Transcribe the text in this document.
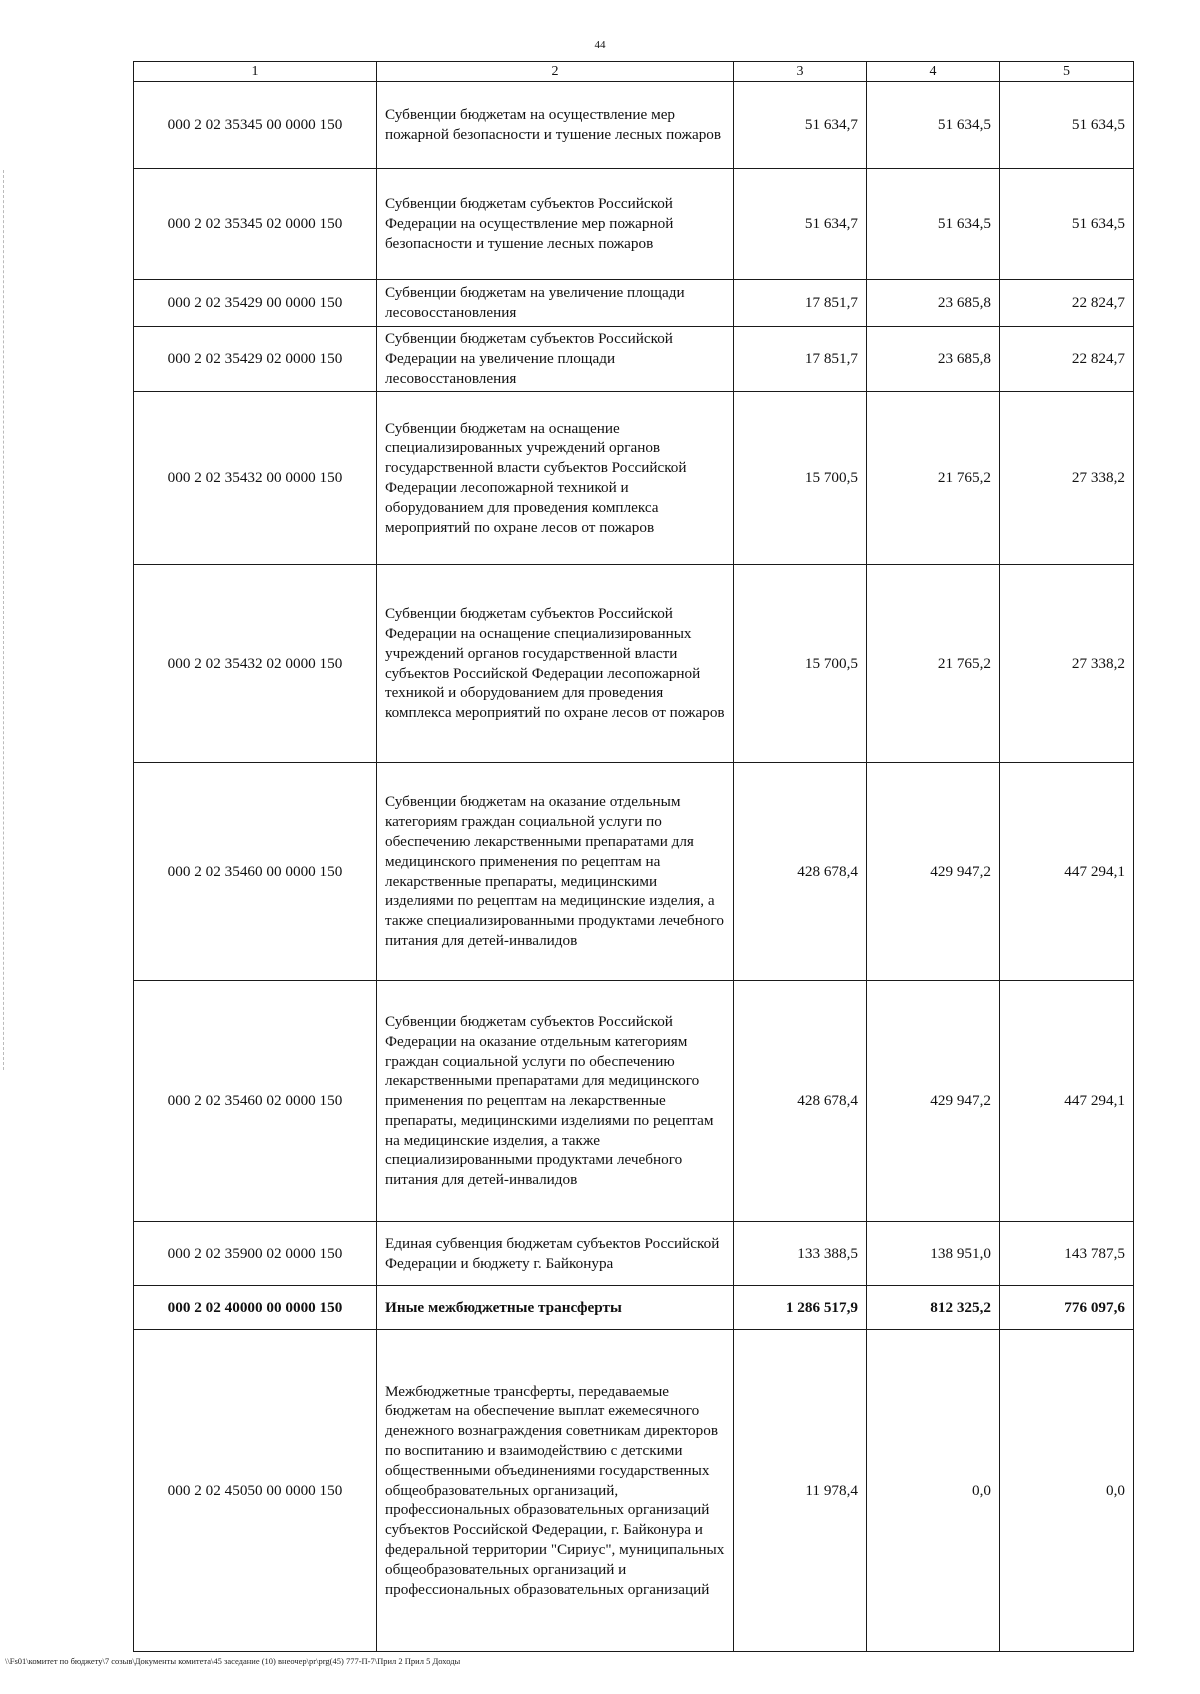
44
1	2	3	4	5
000 2 02 35345 00 0000 150	Субвенции бюджетам на осуществление мер пожарной безопасности и тушение лесных пожаров	51 634,7	51 634,5	51 634,5
000 2 02 35345 02 0000 150	Субвенции бюджетам субъектов Российской Федерации на осуществление мер пожарной безопасности и тушение лесных пожаров	51 634,7	51 634,5	51 634,5
000 2 02 35429 00 0000 150	Субвенции бюджетам на увеличение площади лесовосстановления	17 851,7	23 685,8	22 824,7
000 2 02 35429 02 0000 150	Субвенции бюджетам субъектов Российской Федерации на увеличение площади лесовосстановления	17 851,7	23 685,8	22 824,7
000 2 02 35432 00 0000 150	Субвенции бюджетам на оснащение специализированных учреждений органов государственной власти субъектов Российской Федерации лесопожарной техникой и оборудованием для проведения комплекса мероприятий по охране лесов от пожаров	15 700,5	21 765,2	27 338,2
000 2 02 35432 02 0000 150	Субвенции бюджетам субъектов Российской Федерации на оснащение специализированных учреждений органов государственной власти субъектов Российской Федерации лесопожарной техникой и оборудованием для проведения комплекса мероприятий по охране лесов от пожаров	15 700,5	21 765,2	27 338,2
000 2 02 35460 00 0000 150	Субвенции бюджетам на оказание отдельным категориям граждан социальной услуги по обеспечению лекарственными препаратами для медицинского применения по рецептам на лекарственные препараты, медицинскими изделиями по рецептам на медицинские изделия, а также специализированными продуктами лечебного питания для детей-инвалидов	428 678,4	429 947,2	447 294,1
000 2 02 35460 02 0000 150	Субвенции бюджетам субъектов Российской Федерации на оказание отдельным категориям граждан социальной услуги по обеспечению лекарственными препаратами для медицинского применения по рецептам на лекарственные препараты, медицинскими изделиями по рецептам на медицинские изделия, а также специализированными продуктами лечебного питания для детей-инвалидов	428 678,4	429 947,2	447 294,1
000 2 02 35900 02 0000 150	Единая субвенция бюджетам субъектов Российской Федерации и бюджету г. Байконура	133 388,5	138 951,0	143 787,5
000 2 02 40000 00 0000 150	Иные межбюджетные трансферты	1 286 517,9	812 325,2	776 097,6
000 2 02 45050 00 0000 150	Межбюджетные трансферты, передаваемые бюджетам на обеспечение выплат ежемесячного денежного вознаграждения советникам директоров по воспитанию и взаимодействию с детскими общественными объединениями государственных общеобразовательных организаций, профессиональных образовательных организаций субъектов Российской Федерации, г. Байконура и федеральной территории "Сириус", муниципальных общеобразовательных организаций и профессиональных образовательных организаций	11 978,4	0,0	0,0
\\Fs01\комитет по бюджету\7 созыв\Документы комитета\45 заседание (10) внеочер\pr\prg(45) 777-П-7\Прил 2 Прил 5 Доходы
